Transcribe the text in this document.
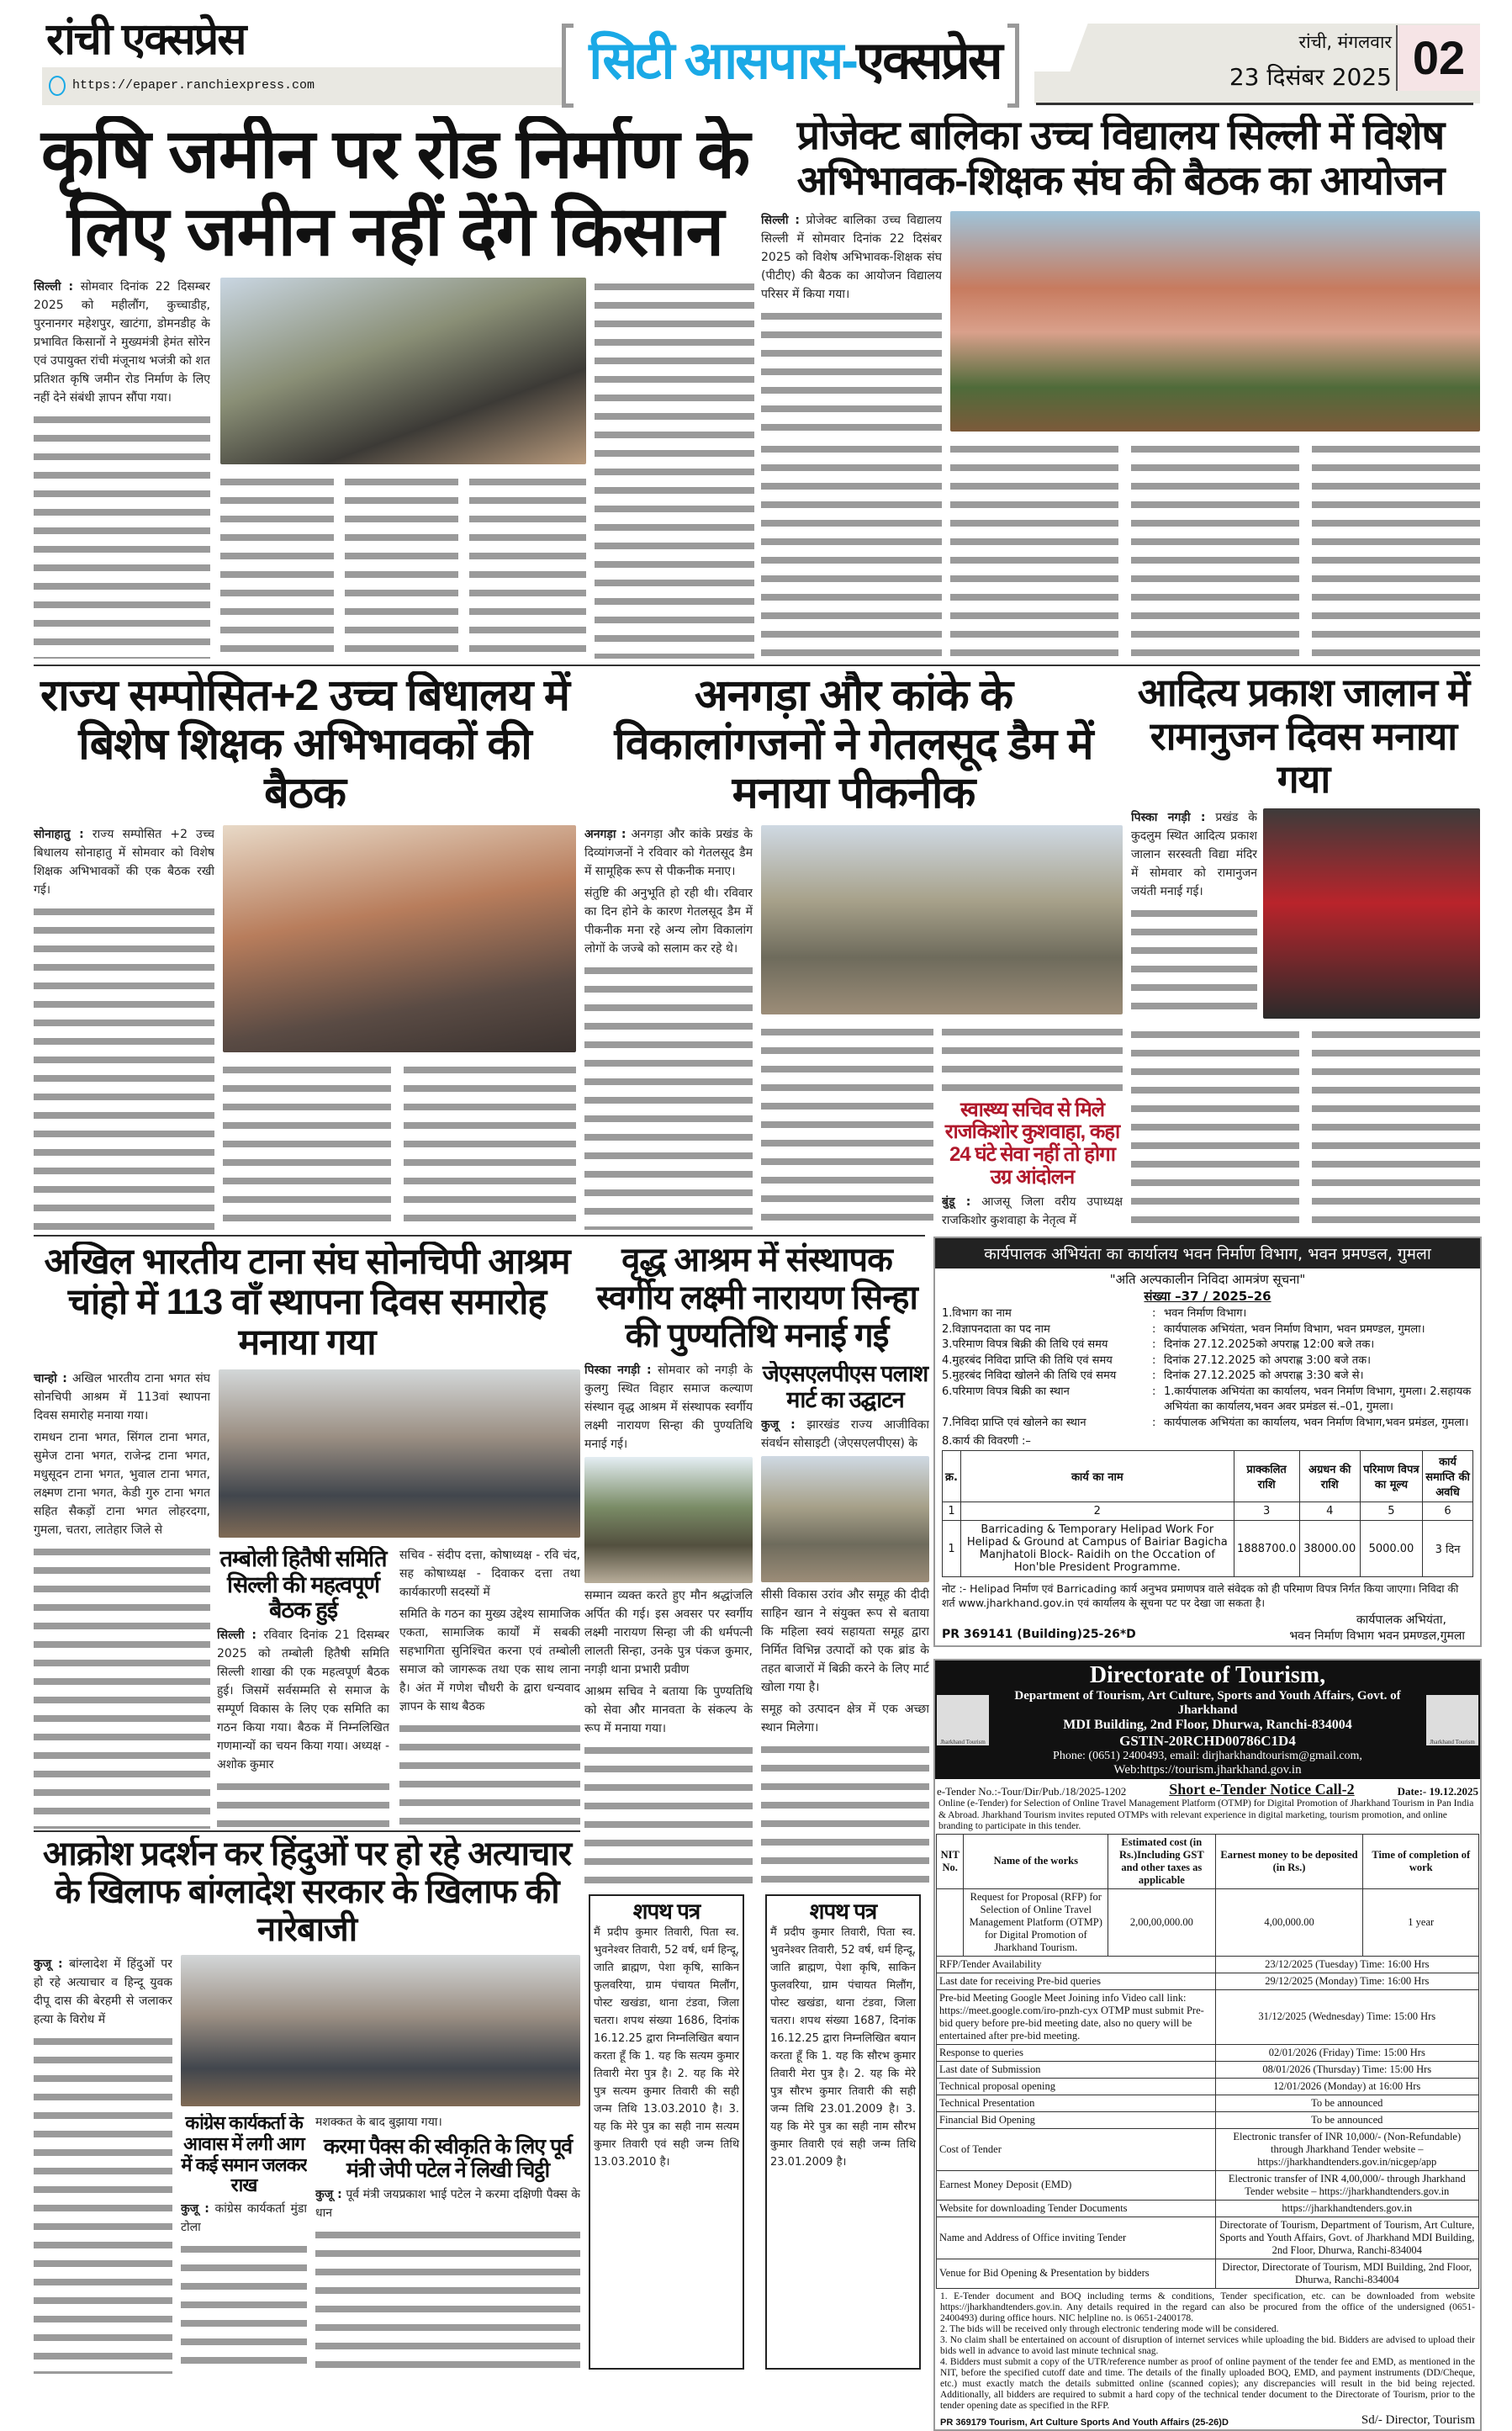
रांची एक्सप्रेस
https://epaper.ranchiexpress.com	सिटी आसपास-एक्सप्रेस	रांची, मंगलवार
23 दिसंबर 2025 02
कृषि जमीन पर रोड निर्माण के लिए जमीन नहीं देंगे किसान
सिल्ली : सोमवार दिनांक 22 दिसम्बर 2025 को महीलौंग, कुच्चाडीह, पुरनानगर महेशपुर, खाटंगा, डोमनडीह के प्रभावित किसानों ने मुख्यमंत्री हेमंत सोरेन एवं उपायुक्त रांची मंजूनाथ भजंत्री को शत प्रतिशत कृषि जमीन रोड निर्माण के लिए नहीं देने संबंधी ज्ञापन सौंपा गया।
प्रोजेक्ट बालिका उच्च विद्यालय सिल्ली में विशेष अभिभावक-शिक्षक संघ की बैठक का आयोजन
सिल्ली : प्रोजेक्ट बालिका उच्च विद्यालय सिल्ली में सोमवार दिनांक 22 दिसंबर 2025 को विशेष अभिभावक-शिक्षक संघ (पीटीए) की बैठक का आयोजन विद्यालय परिसर में किया गया।
राज्य सम्पोसित+2 उच्च बिधालय में बिशेष शिक्षक अभिभावकों की बैठक
सोनाहातु : राज्य सम्पोसित +2 उच्च बिधालय सोनाहातु में सोमवार को विशेष शिक्षक अभिभावकों की एक बैठक रखी गई।
अनगड़ा और कांके के विकालांगजनों ने गेतलसूद डैम में मनाया पीकनीक
अनगड़ा : अनगड़ा और कांके प्रखंड के दिव्यांगजनों ने रविवार को गेतलसूद डैम में सामूहिक रूप से पीकनीक मनाए।
संतुष्टि की अनुभूति हो रही थी। रविवार का दिन होने के कारण गेतलसूद डैम में पीकनीक मना रहे अन्य लोग विकालांग लोगों के जज्बे को सलाम कर रहे थे।
स्वास्थ्य सचिव से मिले राजकिशोर कुशवाहा, कहा 24 घंटे सेवा नहीं तो होगा उग्र आंदोलन
बुंडू : आजसू जिला वरीय उपाध्यक्ष राजकिशोर कुशवाहा के नेतृत्व में
आदित्य प्रकाश जालान में रामानुजन दिवस मनाया गया
पिस्का नगड़ी : प्रखंड के कुदलुम स्थित आदित्य प्रकाश जालान सरस्वती विद्या मंदिर में सोमवार को रामानुजन जयंती मनाई गई।
अखिल भारतीय टाना संघ सोनचिपी आश्रम चांहो में 113 वाँ स्थापना दिवस समारोह मनाया गया
चान्हो : अखिल भारतीय टाना भगत संघ सोनचिपी आश्रम में 113वां स्थापना दिवस समारोह मनाया गया।
रामधन टाना भगत, सिंगल टाना भगत, सुमेज टाना भगत, राजेन्द्र टाना भगत, मधुसूदन टाना भगत, भुवाल टाना भगत, लक्ष्मण टाना भगत, केडी गुरु टाना भगत सहित सैकड़ों टाना भगत लोहरदगा, गुमला, चतरा, लातेहार जिले से
तम्बोली हितैषी समिति सिल्ली की महत्वपूर्ण बैठक हुई
सिल्ली : रविवार दिनांक 21 दिसम्बर 2025 को तम्बोली हितैषी समिति सिल्ली शाखा की एक महत्वपूर्ण बैठक हुई। जिसमें सर्वसम्मति से समाज के सम्पूर्ण विकास के लिए एक समिति का गठन किया गया। बैठक में निम्नलिखित गणमान्यों का चयन किया गया। अध्यक्ष - अशोक कुमार
सचिव - संदीप दत्ता, कोषाध्यक्ष - रवि चंद, सह कोषाध्यक्ष - दिवाकर दत्ता तथा कार्यकारणी सदस्यों में
समिति के गठन का मुख्य उद्देश्य सामाजिक एकता, सामाजिक कार्यों में सबकी सहभागिता सुनिश्चित करना एवं तम्बोली समाज को जागरूक तथा एक साथ लाना है। अंत में गणेश चौधरी के द्वारा धन्यवाद ज्ञापन के साथ बैठक
वृद्ध आश्रम में संस्थापक स्वर्गीय लक्ष्मी नारायण सिन्हा की पुण्यतिथि मनाई गई
पिस्का नगड़ी : सोमवार को नगड़ी के कुलगु स्थित विहार समाज कल्याण संस्थान वृद्ध आश्रम में संस्थापक स्वर्गीय लक्ष्मी नारायण सिन्हा की पुण्यतिथि मनाई गई।
सम्मान व्यक्त करते हुए मौन श्रद्धांजलि अर्पित की गई। इस अवसर पर स्वर्गीय लक्ष्मी नारायण सिन्हा जी की धर्मपत्नी लालती सिन्हा, उनके पुत्र पंकज कुमार, नगड़ी थाना प्रभारी प्रवीण
आश्रम सचिव ने बताया कि पुण्यतिथि को सेवा और मानवता के संकल्प के रूप में मनाया गया।
जेएसएलपीएस पलाश मार्ट का उद्घाटन
कुजू : झारखंड राज्य आजीविका संवर्धन सोसाइटी (जेएसएलपीएस) के
सीसी विकास उरांव और समूह की दीदी साहिन खान ने संयुक्त रूप से बताया कि महिला स्वयं सहायता समूह द्वारा निर्मित विभिन्न उत्पादों को एक ब्रांड के तहत बाजारों में बिक्री करने के लिए मार्ट खोला गया है।
समूह को उत्पादन क्षेत्र में एक अच्छा स्थान मिलेगा।
कार्यपालक अभियंता का कार्यालय भवन निर्माण विभाग, भवन प्रमण्डल, गुमला
"अति अल्पकालीन निविदा आमत्रंण सूचना"
संख्या –37 / 2025–26
1.विभाग का नाम	: भवन निर्माण विभाग।
2.विज्ञापनदाता का पद नाम	: कार्यपालक अभियंता, भवन निर्माण विभाग, भवन प्रमण्डल, गुमला।
3.परिमाण विपत्र बिक्री की तिथि एवं समय	: दिनांक 27.12.2025को अपराह्ण 12:00 बजे तक।
4.मुहरबंद निविदा प्राप्ति की तिथि एवं समय	: दिनांक 27.12.2025 को अपराह्ण 3:00 बजे तक।
5.मुहरबंद निविदा खोलने की तिथि एवं समय	: दिनांक 27.12.2025 को अपराह्ण 3:30 बजे से।
6.परिमाण विपत्र बिक्री का स्थान	: 1.कार्यपालक अभियंता का कार्यालय, भवन निर्माण विभाग, गुमला। 2.सहायक अभियंता का कार्यालय,भवन अवर प्रमंडल सं.–01, गुमला।
7.निविदा प्राप्ति एवं खोलने का स्थान	: कार्यपालक अभियंता का कार्यालय, भवन निर्माण विभाग,भवन प्रमंडल, गुमला।
8.कार्य की विवरणी :–
क्र.	कार्य का नाम	प्राक्कलित राशि	अग्रधन की राशि	परिमाण विपत्र का मूल्य	कार्य समाप्ति की अवधि
1	2	3	4	5	6
1	Barricading & Temporary Helipad Work For Helipad & Ground at Campus of Bairiar Bagicha Manjhatoli Block- Raidih on the Occation of Hon'ble President Programme.	1888700.0	38000.00	5000.00	3 दिन
नोट :- Helipad निर्माण एवं Barricading कार्य अनुभव प्रमाणपत्र वाले संवेदक को ही परिमाण विपत्र निर्गत किया जाएगा। निविदा की शर्त www.jharkhand.gov.in एवं कार्यालय के सूचना पट पर देखा जा सकता है।
कार्यपालक अभियंता,
PR 369141 (Building)25-26*D	भवन निर्माण विभाग भवन प्रमण्डल,गुमला
Jharkhand Tourism
Directorate of Tourism,
Department of Tourism, Art Culture, Sports and Youth Affairs, Govt. of Jharkhand
MDI Building, 2nd Floor, Dhurwa, Ranchi-834004
GSTIN-20RCHD00786C1D4
Phone: (0651) 2400493, email: dirjharkhandtourism@gmail.com,
Web:https://tourism.jharkhand.gov.in
Jharkhand Tourism
e-Tender No.:-Tour/Dir/Pub./18/2025-1202	Short e-Tender Notice Call-2	Date:- 19.12.2025
Online (e-Tender) for Selection of Online Travel Management Platform (OTMP) for Digital Promotion of Jharkhand Tourism in Pan India & Abroad. Jharkhand Tourism invites reputed OTMPs with relevant experience in digital marketing, tourism promotion, and online branding to participate in this tender.
NIT No.	Name of the works	Estimated cost (in Rs.)Including GST and other taxes as applicable	Earnest money to be deposited (in Rs.)	Time of completion of work
	Request for Proposal (RFP) for Selection of Online Travel Management Platform (OTMP) for Digital Promotion of Jharkhand Tourism.	2,00,00,000.00	4,00,000.00	1 year
RFP/Tender Availability			23/12/2025 (Tuesday) Time: 16:00 Hrs	
Last date for receiving Pre-bid queries			29/12/2025 (Monday) Time: 16:00 Hrs	
Pre-bid Meeting Google Meet Joining info Video call link: https://meet.google.com/iro-pnzh-cyx OTMP must submit Pre-bid query before pre-bid meeting date, also no query will be entertained after pre-bid meeting.			31/12/2025 (Wednesday) Time: 15:00 Hrs	
Response to queries			02/01/2026 (Friday) Time: 15:00 Hrs	
Last date of Submission			08/01/2026 (Thursday) Time: 15:00 Hrs	
Technical proposal opening			12/01/2026 (Monday) at 16:00 Hrs	
Technical Presentation			To be announced	
Financial Bid Opening			To be announced	
Cost of Tender			Electronic transfer of INR 10,000/- (Non-Refundable) through Jharkhand Tender website – https://jharkhandtenders.gov.in/nicgep/app	
Earnest Money Deposit (EMD)			Electronic transfer of INR 4,00,000/- through Jharkhand Tender website – https://jharkhandtenders.gov.in	
Website for downloading Tender Documents			https://jharkhandtenders.gov.in	
Name and Address of Office inviting Tender			Directorate of Tourism, Department of Tourism, Art Culture, Sports and Youth Affairs, Govt. of Jharkhand MDI Building, 2nd Floor, Dhurwa, Ranchi-834004	
Venue for Bid Opening & Presentation by bidders			Director, Directorate of Tourism, MDI Building, 2nd Floor, Dhurwa, Ranchi-834004	
1. E-Tender document and BOQ including terms & conditions, Tender specification, etc. can be downloaded from website https://jharkhandtenders.gov.in. Any details required in the regard can also be procured from the office of the undersigned (0651-2400493) during office hours. NIC helpline no. is 0651-2400178.
2. The bids will be received only through electronic tendering mode will be considered.
3. No claim shall be entertained on account of disruption of internet services while uploading the bid. Bidders are advised to upload their bids well in advance to avoid last minute technical snag.
4. Bidders must submit a copy of the UTR/reference number as proof of online payment of the tender fee and EMD, as mentioned in the NIT, before the specified cutoff date and time. The details of the finally uploaded BOQ, EMD, and payment instruments (DD/Cheque, etc.) must exactly match the details submitted online (scanned copies); any discrepancies will result in the bid being rejected. Additionally, all bidders are required to submit a hard copy of the technical tender document to the Directorate of Tourism, prior to the tender opening date as specified in the RFP.
PR 369179 Tourism, Art Culture Sports And Youth Affairs (25-26)D	Sd/- Director, Tourism
आक्रोश प्रदर्शन कर हिंदुओं पर हो रहे अत्याचार के खिलाफ बांग्लादेश सरकार के खिलाफ की नारेबाजी
कुजू : बांग्लादेश में हिंदुओं पर हो रहे अत्याचार व हिन्दू युवक दीपू दास की बेरहमी से जलाकर हत्या के विरोध में
कांग्रेस कार्यकर्ता के आवास में लगी आग में कई समान जलकर राख
कुजू : कांग्रेस कार्यकर्ता मुंडा टोला
मशक्कत के बाद बुझाया गया।
करमा पैक्स की स्वीकृति के लिए पूर्व मंत्री जेपी पटेल ने लिखी चिट्ठी
कुजू : पूर्व मंत्री जयप्रकाश भाई पटेल ने करमा दक्षिणी पैक्स के धान
शपथ पत्र
मैं प्रदीप कुमार तिवारी, पिता स्व. भुवनेश्वर तिवारी, 52 वर्ष, धर्म हिन्दू, जाति ब्राह्मण, पेशा कृषि, साकिन फुलवरिया, ग्राम पंचायत मिलौंग, पोस्ट खखंडा, थाना टंडवा, जिला चतरा। शपथ संख्या 1686, दिनांक 16.12.25 द्वारा निम्नलिखित बयान करता हूँ कि 1. यह कि सत्यम कुमार तिवारी मेरा पुत्र है। 2. यह कि मेरे पुत्र सत्यम कुमार तिवारी की सही जन्म तिथि 13.03.2010 है। 3. यह कि मेरे पुत्र का सही नाम सत्यम कुमार तिवारी एवं सही जन्म तिथि 13.03.2010 है।
शपथ पत्र
मैं प्रदीप कुमार तिवारी, पिता स्व. भुवनेश्वर तिवारी, 52 वर्ष, धर्म हिन्दू, जाति ब्राह्मण, पेशा कृषि, साकिन फुलवरिया, ग्राम पंचायत मिलौंग, पोस्ट खखंडा, थाना टंडवा, जिला चतरा। शपथ संख्या 1687, दिनांक 16.12.25 द्वारा निम्नलिखित बयान करता हूँ कि 1. यह कि सौरभ कुमार तिवारी मेरा पुत्र है। 2. यह कि मेरे पुत्र सौरभ कुमार तिवारी की सही जन्म तिथि 23.01.2009 है। 3. यह कि मेरे पुत्र का सही नाम सौरभ कुमार तिवारी एवं सही जन्म तिथि 23.01.2009 है।
